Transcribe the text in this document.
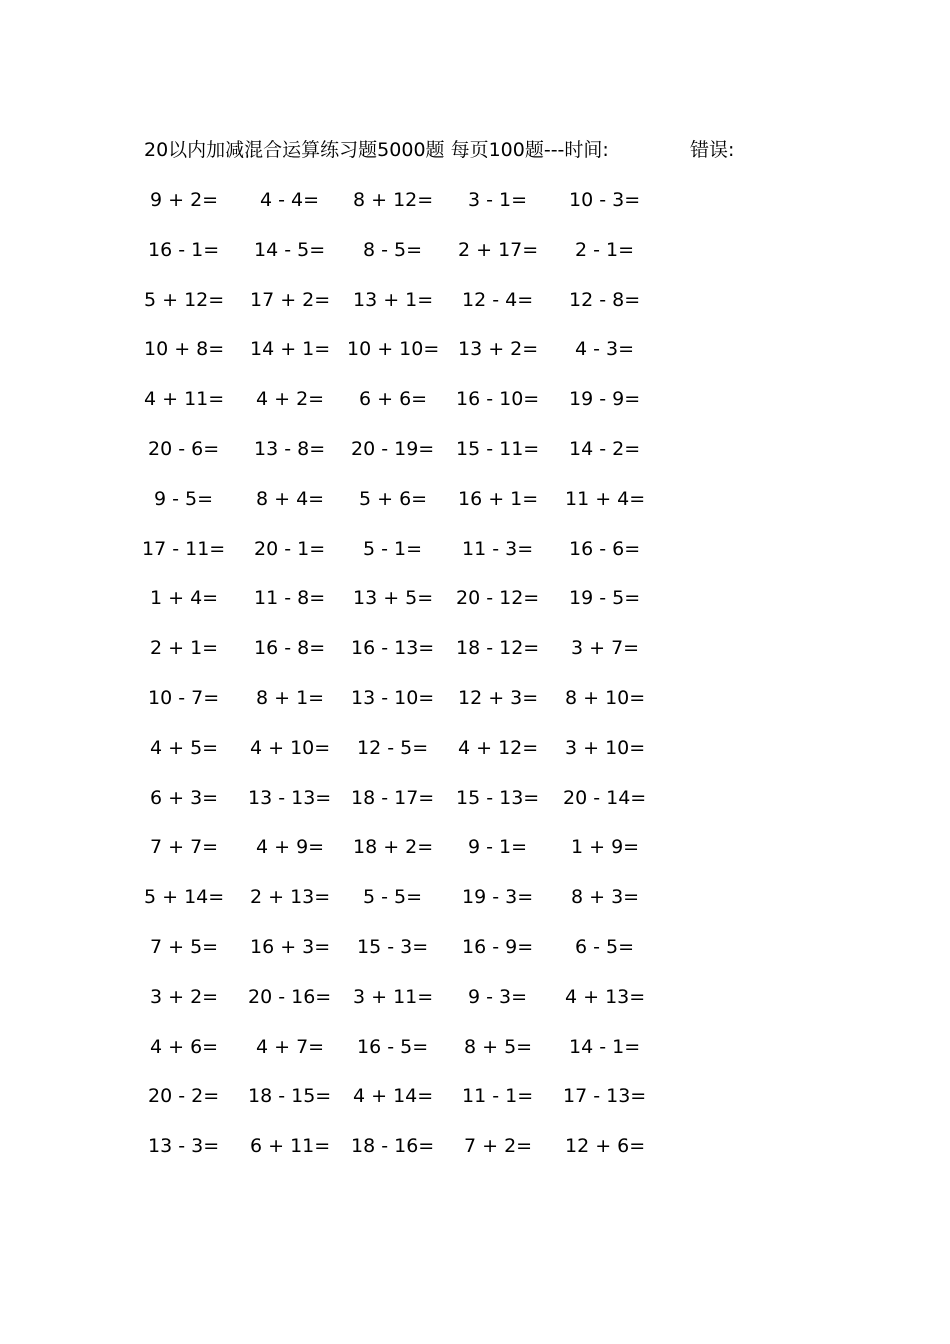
20以内加减混合运算练习题5000题 每页100题---时间:	错误:
9 + 2= 4 - 4= 8 + 12= 3 - 1= 10 - 3=
16 - 1= 14 - 5= 8 - 5= 2 + 17= 2 - 1=
5 + 12= 17 + 2= 13 + 1= 12 - 4= 12 - 8=
10 + 8= 14 + 1= 10 + 10= 13 + 2= 4 - 3=
4 + 11= 4 + 2= 6 + 6= 16 - 10= 19 - 9=
20 - 6= 13 - 8= 20 - 19= 15 - 11= 14 - 2=
9 - 5= 8 + 4= 5 + 6= 16 + 1= 11 + 4=
17 - 11= 20 - 1= 5 - 1= 11 - 3= 16 - 6=
1 + 4= 11 - 8= 13 + 5= 20 - 12= 19 - 5=
2 + 1= 16 - 8= 16 - 13= 18 - 12= 3 + 7=
10 - 7= 8 + 1= 13 - 10= 12 + 3= 8 + 10=
4 + 5= 4 + 10= 12 - 5= 4 + 12= 3 + 10=
6 + 3= 13 - 13= 18 - 17= 15 - 13= 20 - 14=
7 + 7= 4 + 9= 18 + 2= 9 - 1= 1 + 9=
5 + 14= 2 + 13= 5 - 5= 19 - 3= 8 + 3=
7 + 5= 16 + 3= 15 - 3= 16 - 9= 6 - 5=
3 + 2= 20 - 16= 3 + 11= 9 - 3= 4 + 13=
4 + 6= 4 + 7= 16 - 5= 8 + 5= 14 - 1=
20 - 2= 18 - 15= 4 + 14= 11 - 1= 17 - 13=
13 - 3= 6 + 11= 18 - 16= 7 + 2= 12 + 6=
